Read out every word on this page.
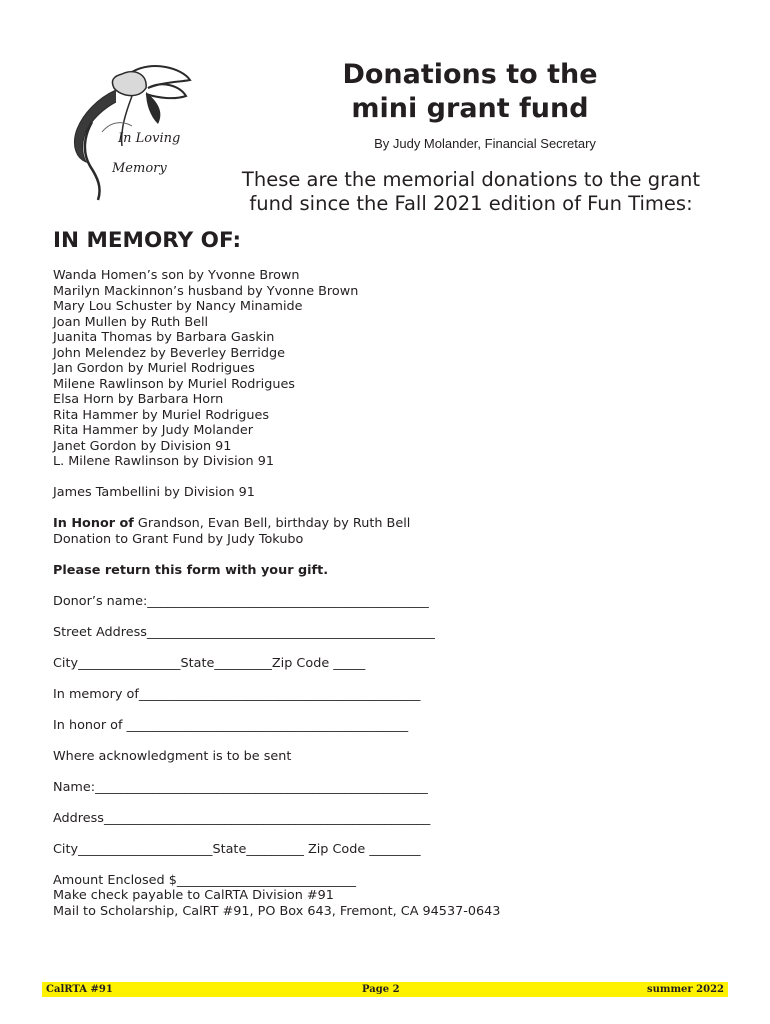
In Loving
Memory
Donations to the
mini grant fund
By Judy Molander, Financial Secretary
These are the memorial donations to the grant
fund since the Fall 2021 edition of Fun Times:
IN MEMORY OF:
Wanda Homen’s son by Yvonne Brown
Marilyn Mackinnon’s husband by Yvonne Brown
Mary Lou Schuster by Nancy Minamide
Joan Mullen by Ruth Bell
Juanita Thomas by Barbara Gaskin
John Melendez by Beverley Berridge
Jan Gordon by Muriel Rodrigues
Milene Rawlinson by Muriel Rodrigues
Elsa Horn by Barbara Horn
Rita Hammer by Muriel Rodrigues
Rita Hammer by Judy Molander
Janet Gordon by Division 91
L. Milene Rawlinson by Division 91
James Tambellini by Division 91
In Honor of Grandson, Evan Bell, birthday by Ruth Bell
Donation to Grant Fund by Judy Tokubo
Please return this form with your gift.
Donor’s name:____________________________________________
Street Address_____________________________________________
City________________State_________Zip Code _____
In memory of____________________________________________
In honor of ____________________________________________
Where acknowledgment is to be sent
Name:____________________________________________________
Address___________________________________________________
City_____________________State_________ Zip Code ________
Amount Enclosed $____________________________
Make check payable to CalRTA Division #91
Mail to Scholarship, CalRT #91, PO Box 643, Fremont, CA 94537-0643
CalRTA #91	Page 2	summer 2022
